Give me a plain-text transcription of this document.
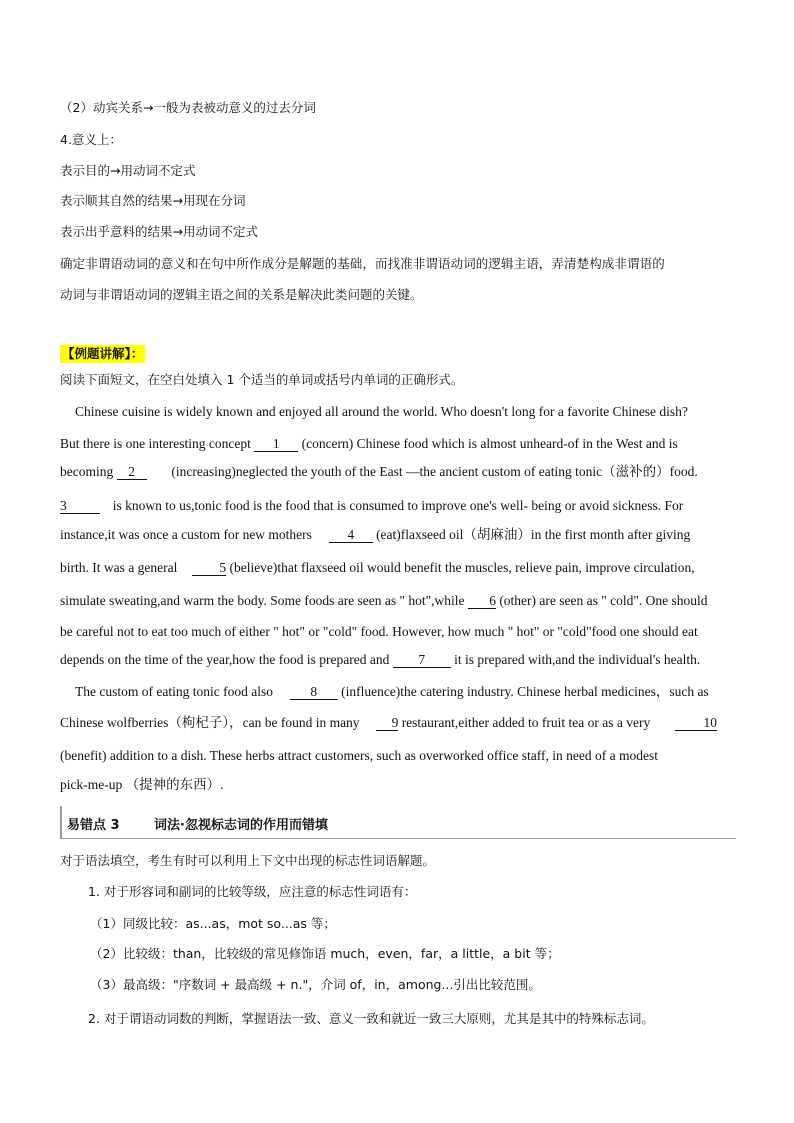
（2）动宾关系→一般为表被动意义的过去分词
4.意义上：
表示目的→用动词不定式
表示顺其自然的结果→用现在分词
表示出乎意料的结果→用动词不定式
确定非谓语动词的意义和在句中所作成分是解题的基础，而找准非谓语动词的逻辑主语，弄清楚构成非谓语的
动词与非谓语动词的逻辑主语之间的关系是解决此类问题的关键。
【例题讲解】：
阅读下面短文，在空白处填入 1 个适当的单词或括号内单词的正确形式。
Chinese cuisine is widely known and enjoyed all around the world. Who doesn't long for a favorite Chinese dish?
But there is one interesting concept 1 (concern) Chinese food which is almost unheard-of in the West and is
becoming 2	(increasing)neglected the youth of the East —the ancient custom of eating tonic（滋补的）food.
3	is known to us,tonic food is the food that is consumed to improve one's well- being or avoid sickness. For
instance,it was once a custom for new mothers	4 (eat)flaxseed oil（胡麻油）in the first month after giving
birth. It was a general	5 (believe)that flaxseed oil would benefit the muscles, relieve pain, improve circulation,
simulate sweating,and warm the body. Some foods are seen as " hot",while 6 (other) are seen as " cold". One should
be careful not to eat too much of either " hot" or "cold" food. However, how much " hot" or "cold"food one should eat
depends on the time of the year,how the food is prepared and 7 it is prepared with,and the individual's health.
The custom of eating tonic food also	8 (influence)the catering industry. Chinese herbal medicines，such as
Chinese wolfberries（枸杞子），can be found in many 9 restaurant,either added to fruit tea or as a very	10
(benefit) addition to a dish. These herbs attract customers, such as overworked office staff, in need of a modest
pick-me-up （提神的东西）.
易错点 3	词法·忽视标志词的作用而错填
对于语法填空，考生有时可以利用上下文中出现的标志性词语解题。
1. 对于形容词和副词的比较等级，应注意的标志性词语有：
（1）同级比较：as...as，mot so...as 等；
（2）比较级：than，比较级的常见修饰语 much，even，far，a little，a bit 等；
（3）最高级："序数词 + 最高级 + n."，介词 of，in，among...引出比较范围。
2. 对于谓语动词数的判断，掌握语法一致、意义一致和就近一致三大原则，尤其是其中的特殊标志词。
